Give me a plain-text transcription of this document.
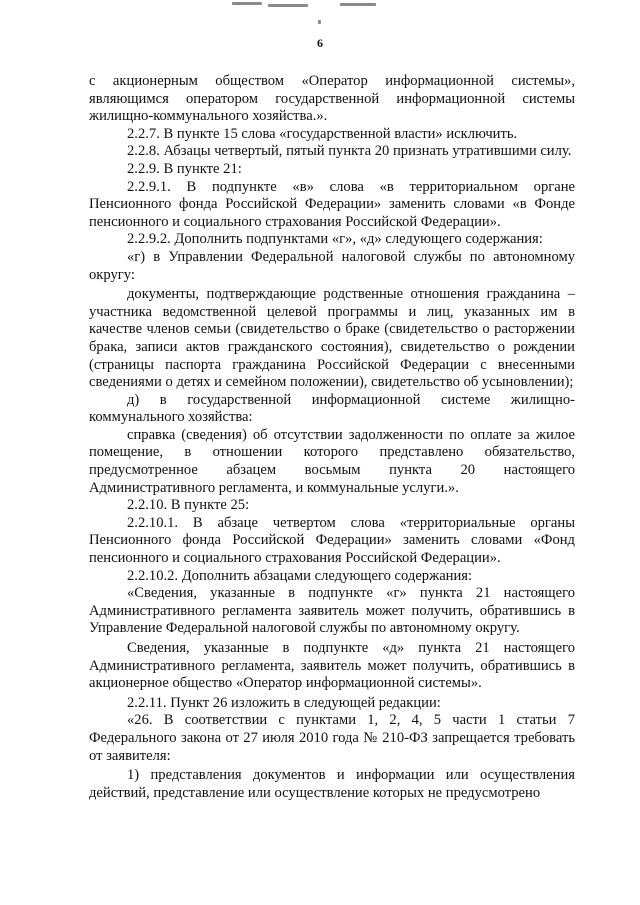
6

с акционерным обществом «Оператор информационной системы», являющимся оператором государственной информационной системы жилищно-коммунального хозяйства.».

2.2.7. В пункте 15 слова «государственной власти» исключить.

2.2.8. Абзацы четвертый, пятый пункта 20 признать утратившими силу.

2.2.9. В пункте 21:

2.2.9.1. В подпункте «в» слова «в территориальном органе Пенсионного фонда Российской Федерации» заменить словами «в Фонде пенсионного и социального страхования Российской Федерации».

2.2.9.2. Дополнить подпунктами «г», «д» следующего содержания:

«г) в Управлении Федеральной налоговой службы по автономному округу:

документы, подтверждающие родственные отношения гражданина – участника ведомственной целевой программы и лиц, указанных им в качестве членов семьи (свидетельство о браке (свидетельство о расторжении брака, записи актов гражданского состояния), свидетельство о рождении (страницы паспорта гражданина Российской Федерации с внесенными сведениями о детях и семейном положении), свидетельство об усыновлении);

д) в государственной информационной системе жилищно-коммунального хозяйства:

справка (сведения) об отсутствии задолженности по оплате за жилое помещение, в отношении которого представлено обязательство, предусмотренное абзацем восьмым пункта 20 настоящего Административного регламента, и коммунальные услуги.».

2.2.10. В пункте 25:

2.2.10.1. В абзаце четвертом слова «территориальные органы Пенсионного фонда Российской Федерации» заменить словами «Фонд пенсионного и социального страхования Российской Федерации».

2.2.10.2. Дополнить абзацами следующего содержания:

«Сведения, указанные в подпункте «г» пункта 21 настоящего Административного регламента заявитель может получить, обратившись в Управление Федеральной налоговой службы по автономному округу.

Сведения, указанные в подпункте «д» пункта 21 настоящего Административного регламента, заявитель может получить, обратившись в акционерное общество «Оператор информационной системы».

2.2.11. Пункт 26 изложить в следующей редакции:

«26. В соответствии с пунктами 1, 2, 4, 5 части 1 статьи 7 Федерального закона от 27 июля 2010 года № 210-ФЗ запрещается требовать от заявителя:

1) представления документов и информации или осуществления действий, представление или осуществление которых не предусмотрено
